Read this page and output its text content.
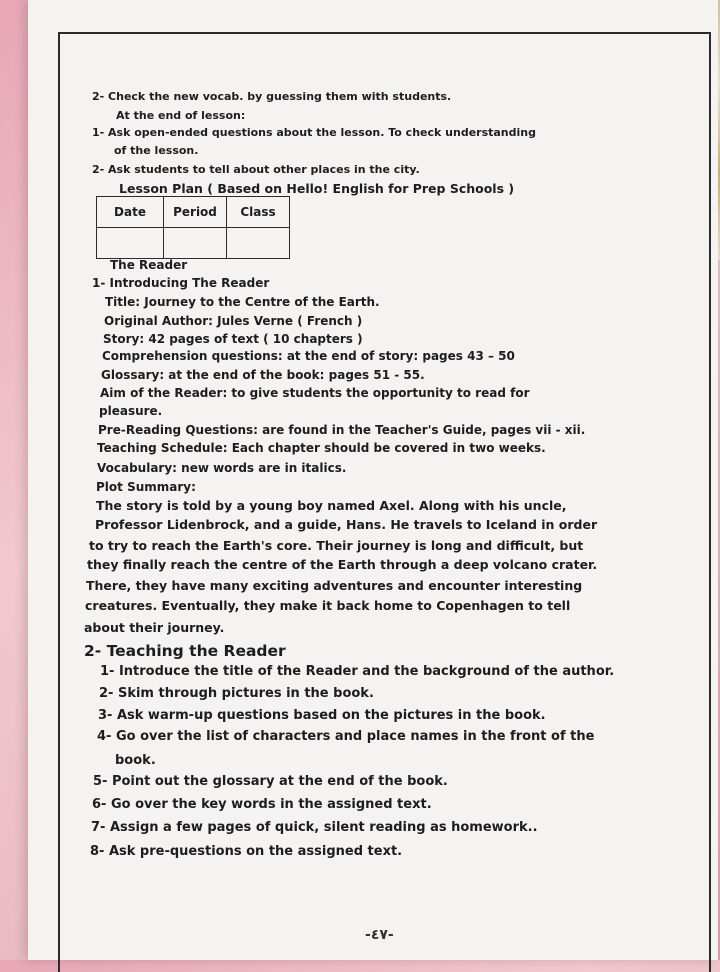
2- Check the new vocab. by guessing them with students.
At the end of lesson:
1- Ask open-ended questions about the lesson. To check understanding
of the lesson.
2- Ask students to tell about other places in the city.
Lesson Plan ( Based on Hello! English for Prep Schools )
The Reader
1- Introducing The Reader
Title: Journey to the Centre of the Earth.
Original Author: Jules Verne ( French )
Story: 42 pages of text ( 10 chapters )
Comprehension questions: at the end of story: pages 43 – 50
Glossary: at the end of the book: pages 51 - 55.
Aim of the Reader: to give students the opportunity to read for
pleasure.
Pre-Reading Questions: are found in the Teacher's Guide, pages vii - xii.
Teaching Schedule: Each chapter should be covered in two weeks.
Vocabulary: new words are in italics.
Plot Summary:
The story is told by a young boy named Axel. Along with his uncle,
Professor Lidenbrock, and a guide, Hans. He travels to Iceland in order
to try to reach the Earth's core. Their journey is long and difficult, but
they finally reach the centre of the Earth through a deep volcano crater.
There, they have many exciting adventures and encounter interesting
creatures. Eventually, they make it back home to Copenhagen to tell
about their journey.
2- Teaching the Reader
1- Introduce the title of the Reader and the background of the author.
2- Skim through pictures in the book.
3- Ask warm-up questions based on the pictures in the book.
4- Go over the list of characters and place names in the front of the
book.
5- Point out the glossary at the end of the book.
6- Go over the key words in the assigned text.
7- Assign a few pages of quick, silent reading as homework..
8- Ask pre-questions on the assigned text.
Date	Period	Class

-٤٧-
